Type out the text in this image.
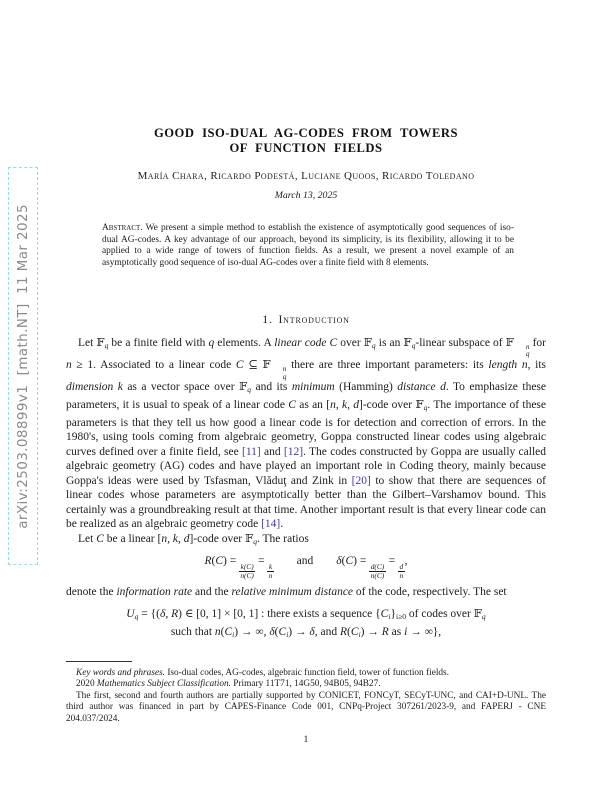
arXiv:2503.08899v1  [math.NT]  11 Mar 2025
GOOD ISO-DUAL AG-CODES FROM TOWERS
OF FUNCTION FIELDS
María Chara, Ricardo Podestá, Luciane Quoos, Ricardo Toledano
March 13, 2025
Abstract. We present a simple method to establish the existence of asymptotically good sequences of iso-dual AG-codes. A key advantage of our approach, beyond its simplicity, is its flexibility, allowing it to be applied to a wide range of towers of function fields. As a result, we present a novel example of an asymptotically good sequence of iso-dual AG-codes over a finite field with 8 elements.
1. Introduction

Let 𝔽q be a finite field with q elements. A linear code C over 𝔽q is an 𝔽q-linear subspace of 𝔽	n
q
for n ≥ 1. Associated to a linear code C ⊆ 𝔽	n
q
there are three important parameters: its length n, its dimension k as a vector space over 𝔽q and its minimum (Hamming) distance d. To emphasize these parameters, it is usual to speak of a linear code C as an [n, k, d]-code over 𝔽q. The importance of these parameters is that they tell us how good a linear code is for detection and correction of errors. In the 1980's, using tools coming from algebraic geometry, Goppa constructed linear codes using algebraic curves defined over a finite field, see [11] and [12]. The codes constructed by Goppa are usually called algebraic geometry (AG) codes and have played an important role in Coding theory, mainly because Goppa's ideas were used by Tsfasman, Vlăduţ and Zink in [20] to show that there are sequences of linear codes whose parameters are asymptotically better than the Gilbert–Varshamov bound. This certainly was a groundbreaking result at that time. Another important result is that every linear code can be realized as an algebraic geometry code [14].

Let C be a linear [n, k, d]-code over 𝔽q. The ratios

R(C) =
$\frac{k(C)}{n(C)}$
=
$\frac{k}{n}$
  and  δ(C) =
$\frac{d(C)}{n(C)}$
=
$\frac{d}{n}$
,

denote the information rate and the relative minimum distance of the code, respectively. The set

Uq = {(δ, R) ∈ [0, 1] × [0, 1] : there exists a sequence {Ci}i≥0 of codes over 𝔽q
such that n(Ci) → ∞, δ(Ci) → δ, and R(Ci) → R as i → ∞},

Key words and phrases. Iso-dual codes, AG-codes, algebraic function field, tower of function fields.

2020 Mathematics Subject Classification. Primary 11T71, 14G50, 94B05, 94B27.

The first, second and fourth authors are partially supported by CONICET, FONCyT, SECyT-UNC, and CAI+D-UNL. The third author was financed in part by CAPES-Finance Code 001, CNPq-Project 307261/2023-9, and FAPERJ - CNE 204.037/2024.

1
